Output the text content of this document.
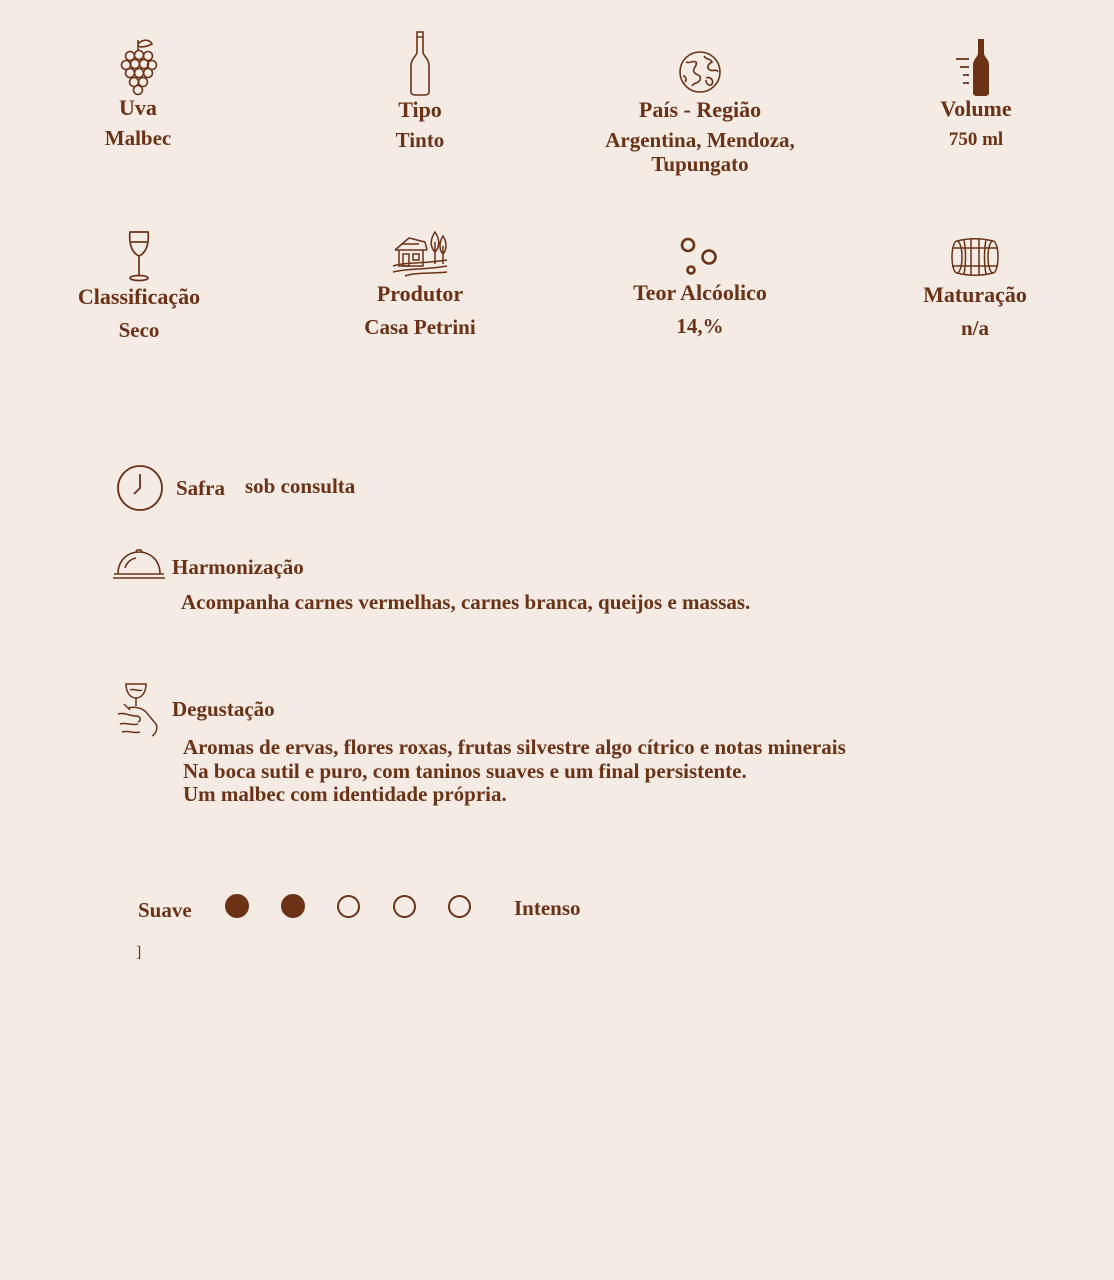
Uva
Malbec
Tipo
Tinto
País - Região
Argentina, Mendoza,
Tupungato
Volume
750 ml
Classificação
Seco
Produtor
Casa Petrini
Teor Alcóolico
14,%
Maturação
n/a
Safra sob consulta
Harmonização
Acompanha carnes vermelhas, carnes branca, queijos e massas.
Degustação
Aromas de ervas, flores roxas, frutas silvestre algo cítrico e notas minerais
Na boca sutil e puro, com taninos suaves e um final persistente.
Um malbec com identidade própria.
Suave	Intenso
]
